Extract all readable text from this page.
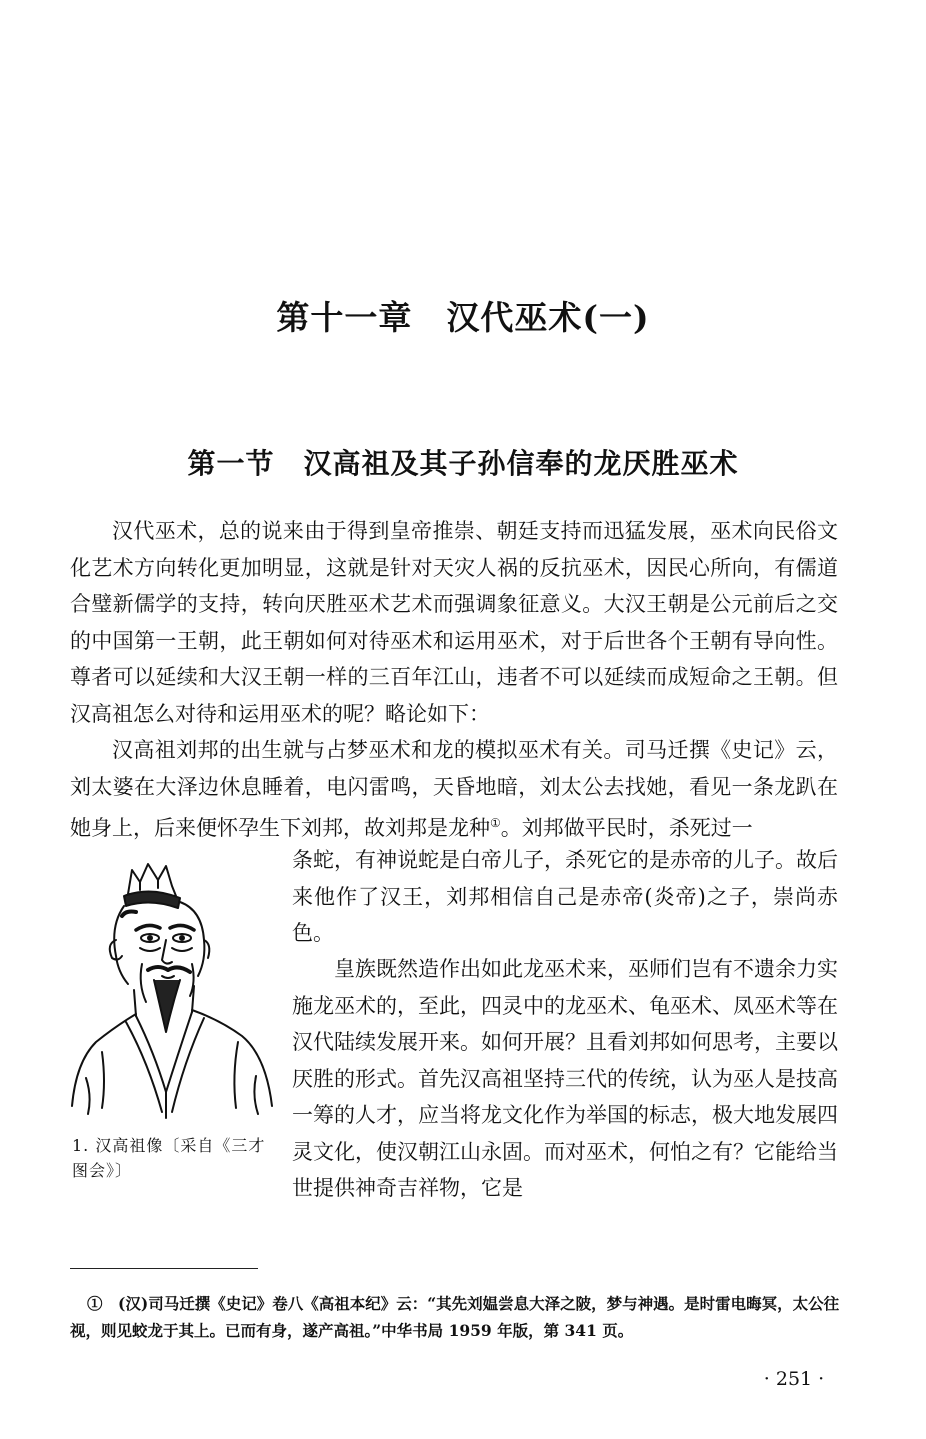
第十一章　汉代巫术(一)
第一节　汉高祖及其子孙信奉的龙厌胜巫术

汉代巫术，总的说来由于得到皇帝推崇、朝廷支持而迅猛发展，巫术向民俗文化艺术方向转化更加明显，这就是针对天灾人祸的反抗巫术，因民心所向，有儒道合璧新儒学的支持，转向厌胜巫术艺术而强调象征意义。大汉王朝是公元前后之交的中国第一王朝，此王朝如何对待巫术和运用巫术，对于后世各个王朝有导向性。尊者可以延续和大汉王朝一样的三百年江山，违者不可以延续而成短命之王朝。但汉高祖怎么对待和运用巫术的呢？略论如下：

汉高祖刘邦的出生就与占梦巫术和龙的模拟巫术有关。司马迁撰《史记》云，刘太婆在大泽边休息睡着，电闪雷鸣，天昏地暗，刘太公去找她，看见一条龙趴在她身上，后来便怀孕生下刘邦，故刘邦是龙种①。刘邦做平民时，杀死过一

条蛇，有神说蛇是白帝儿子，杀死它的是赤帝的儿子。故后来他作了汉王，刘邦相信自己是赤帝(炎帝)之子，崇尚赤色。

皇族既然造作出如此龙巫术来，巫师们岂有不遗余力实施龙巫术的，至此，四灵中的龙巫术、龟巫术、凤巫术等在汉代陆续发展开来。如何开展？且看刘邦如何思考，主要以厌胜的形式。首先汉高祖坚持三代的传统，认为巫人是技高一筹的人才，应当将龙文化作为举国的标志，极大地发展四灵文化，使汉朝江山永固。而对巫术，何怕之有？它能给当世提供神奇吉祥物，它是

1. 汉高祖像〔采自《三才图会》〕

①　(汉)司马迁撰《史记》卷八《高祖本纪》云：“其先刘媪尝息大泽之陂，梦与神遇。是时雷电晦冥，太公往视，则见蛟龙于其上。已而有身，遂产高祖。”中华书局 1959 年版，第 341 页。

· 251 ·
